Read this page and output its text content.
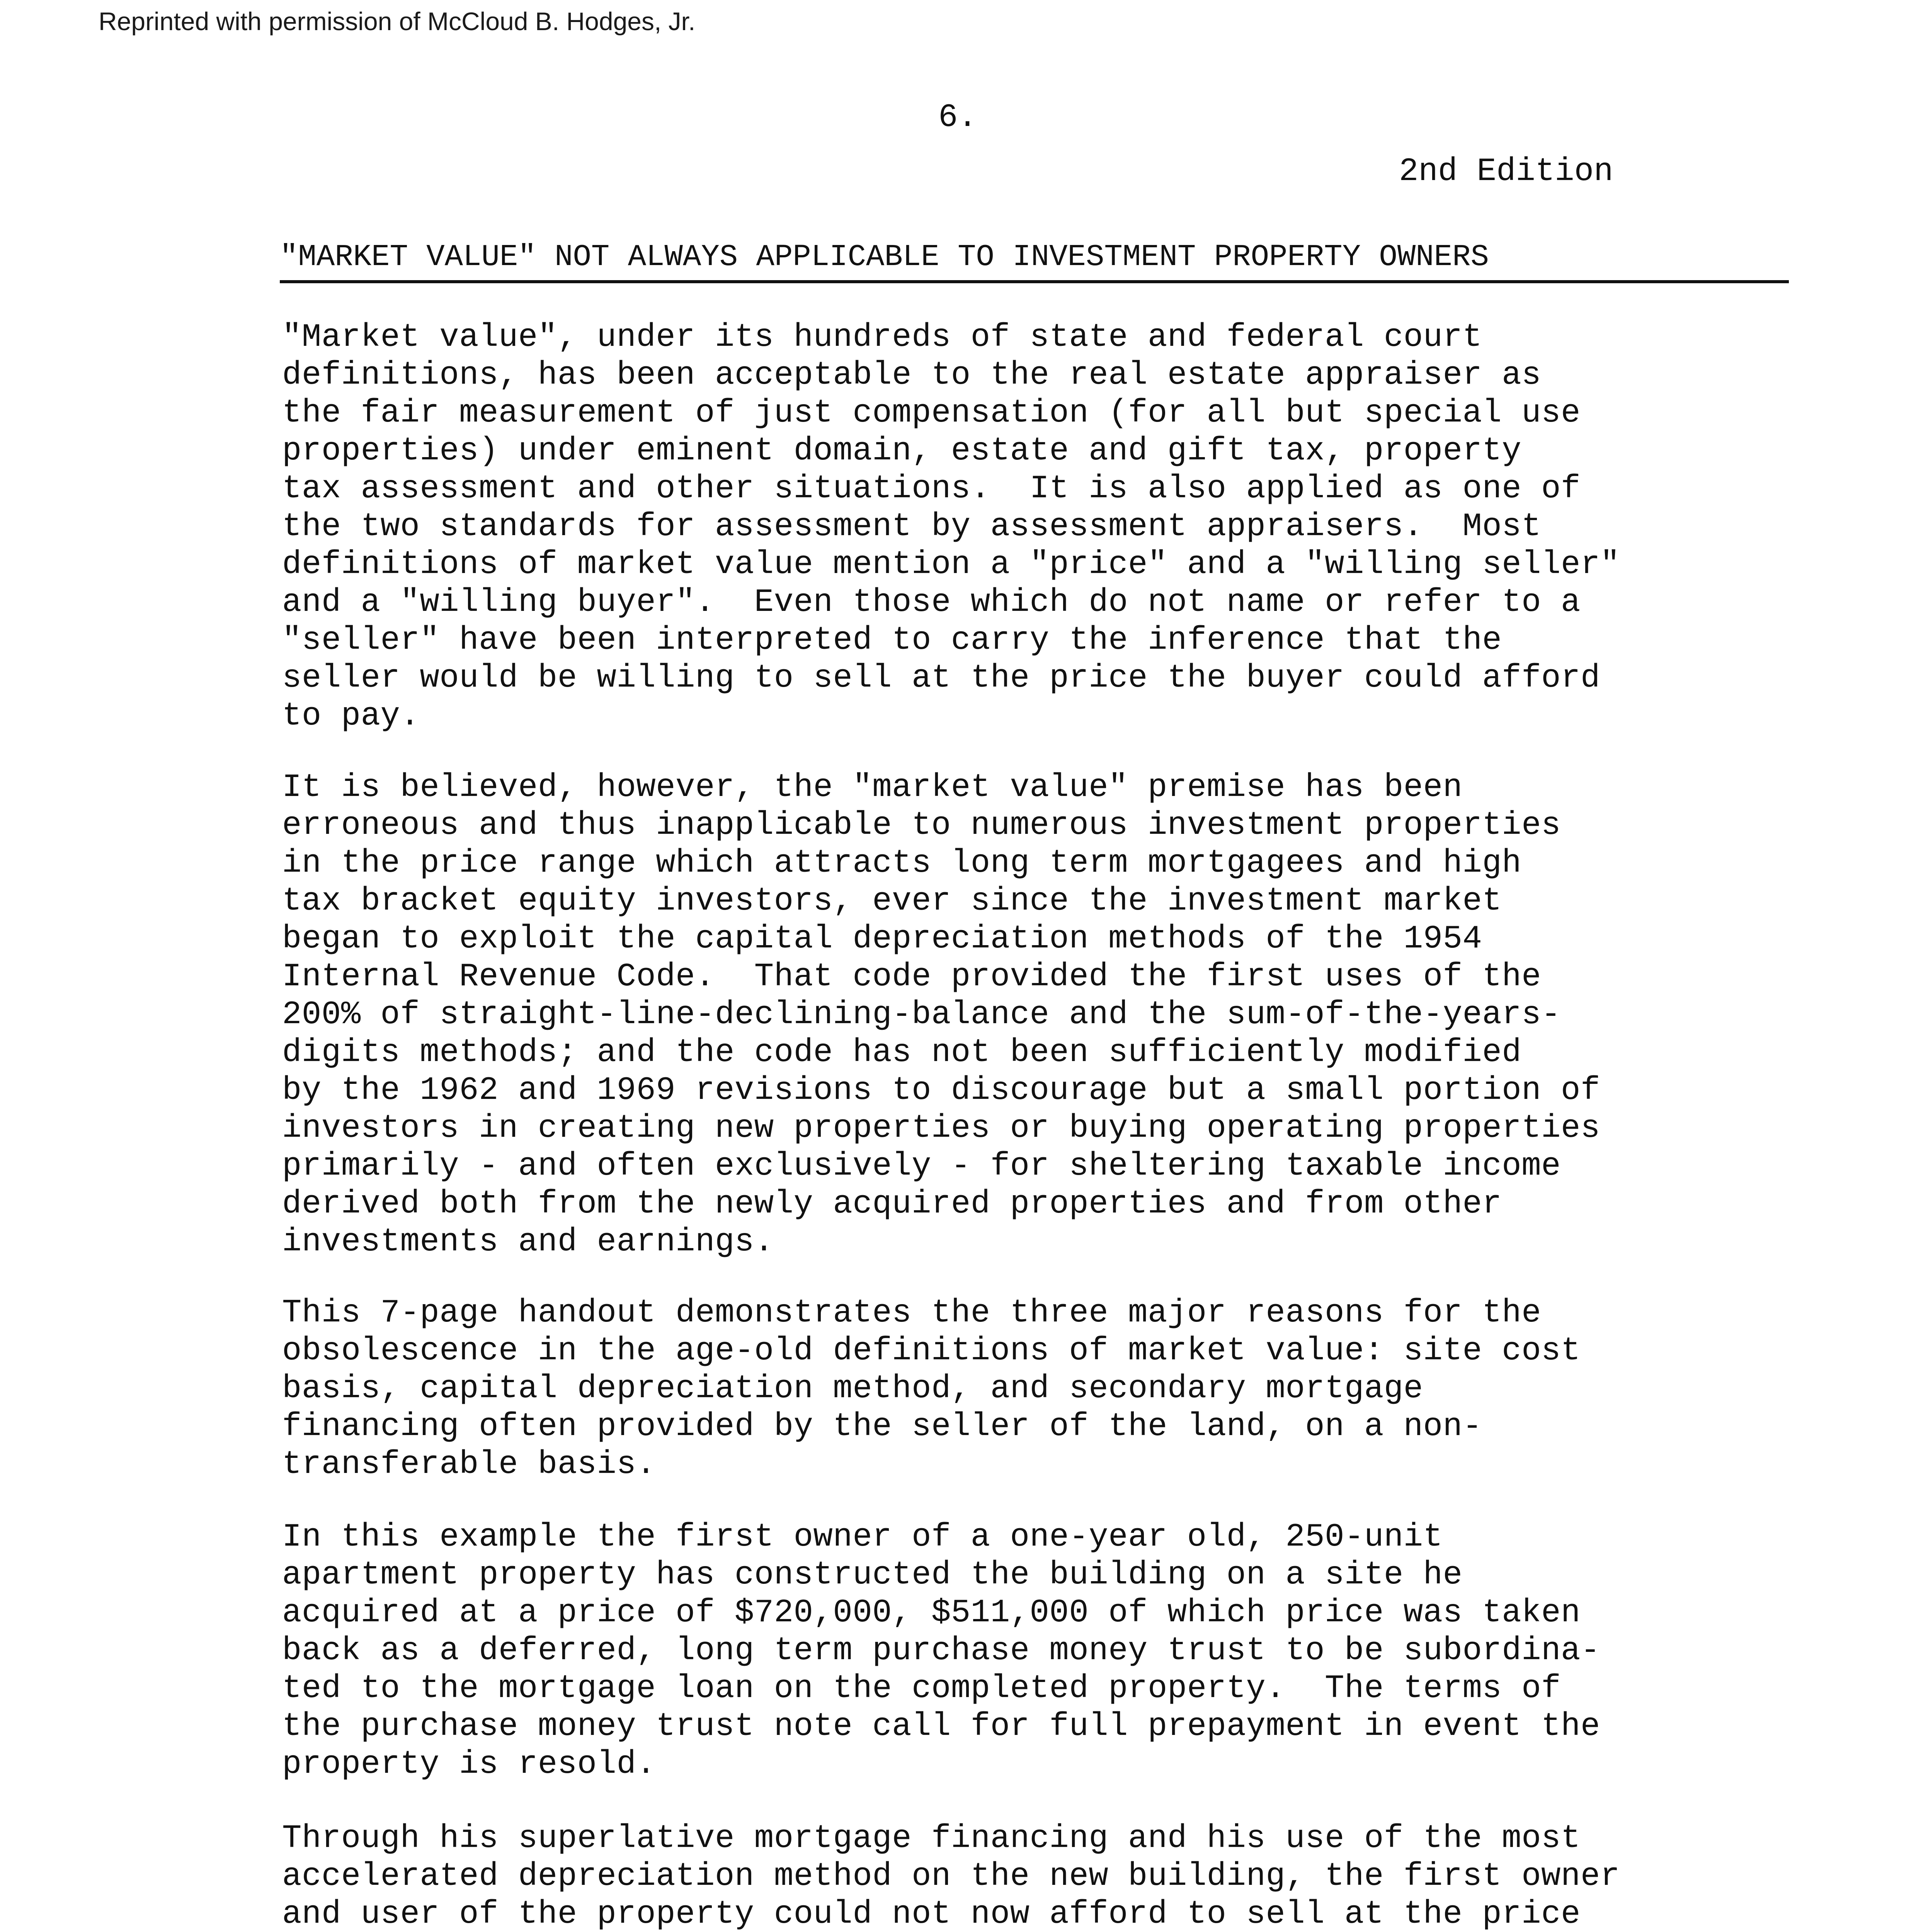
Reprinted with permission of McCloud B. Hodges, Jr.
6.
2nd Edition
"MARKET VALUE" NOT ALWAYS APPLICABLE TO INVESTMENT PROPERTY OWNERS
"Market value", under its hundreds of state and federal court
definitions, has been acceptable to the real estate appraiser as
the fair measurement of just compensation (for all but special use
properties) under eminent domain, estate and gift tax, property
tax assessment and other situations.  It is also applied as one of
the two standards for assessment by assessment appraisers.  Most
definitions of market value mention a "price" and a "willing seller"
and a "willing buyer".  Even those which do not name or refer to a
"seller" have been interpreted to carry the inference that the
seller would be willing to sell at the price the buyer could afford
to pay.
It is believed, however, the "market value" premise has been
erroneous and thus inapplicable to numerous investment properties
in the price range which attracts long term mortgagees and high
tax bracket equity investors, ever since the investment market
began to exploit the capital depreciation methods of the 1954
Internal Revenue Code.  That code provided the first uses of the
200% of straight-line-declining-balance and the sum-of-the-years-
digits methods; and the code has not been sufficiently modified
by the 1962 and 1969 revisions to discourage but a small portion of
investors in creating new properties or buying operating properties
primarily - and often exclusively - for sheltering taxable income
derived both from the newly acquired properties and from other
investments and earnings.
This 7-page handout demonstrates the three major reasons for the
obsolescence in the age-old definitions of market value: site cost
basis, capital depreciation method, and secondary mortgage
financing often provided by the seller of the land, on a non-
transferable basis.
In this example the first owner of a one-year old, 250-unit
apartment property has constructed the building on a site he
acquired at a price of $720,000, $511,000 of which price was taken
back as a deferred, long term purchase money trust to be subordina-
ted to the mortgage loan on the completed property.  The terms of
the purchase money trust note call for full prepayment in event the
property is resold.
Through his superlative mortgage financing and his use of the most
accelerated depreciation method on the new building, the first owner
and user of the property could not now afford to sell at the price
